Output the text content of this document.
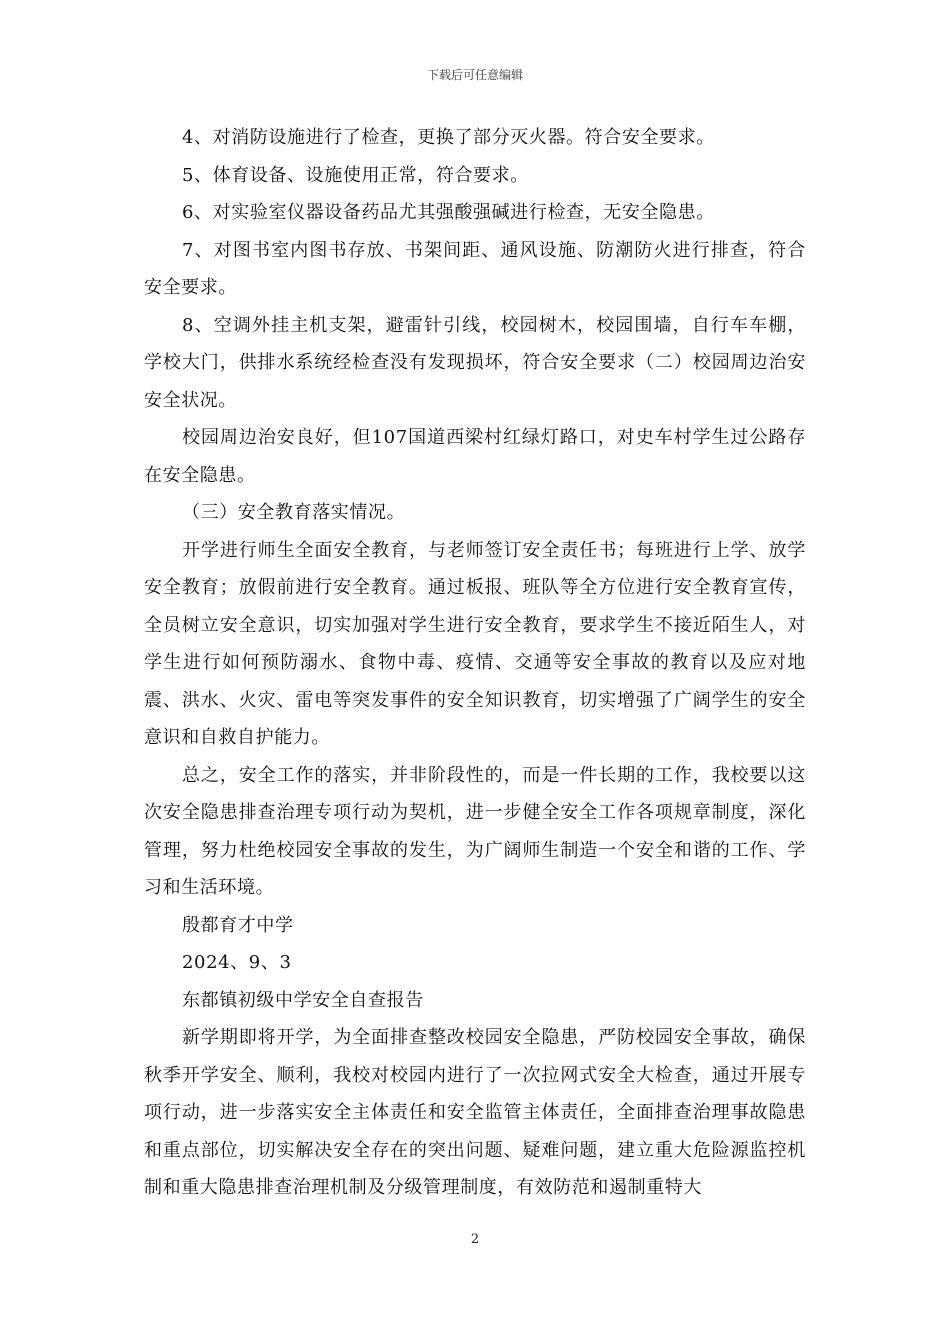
下载后可任意编辑

4、对消防设施进行了检查，更换了部分灭火器。符合安全要求。

5、体育设备、设施使用正常，符合要求。

6、对实验室仪器设备药品尤其强酸强碱进行检查，无安全隐患。

7、对图书室内图书存放、书架间距、通风设施、防潮防火进行排查，符合安全要求。

8、空调外挂主机支架，避雷针引线，校园树木，校园围墙，自行车车棚，学校大门，供排水系统经检查没有发现损坏，符合安全要求（二）校园周边治安安全状况。

校园周边治安良好，但107国道西梁村红绿灯路口，对史车村学生过公路存在安全隐患。

（三）安全教育落实情况。

开学进行师生全面安全教育，与老师签订安全责任书；每班进行上学、放学安全教育；放假前进行安全教育。通过板报、班队等全方位进行安全教育宣传，全员树立安全意识，切实加强对学生进行安全教育，要求学生不接近陌生人，对学生进行如何预防溺水、食物中毒、疫情、交通等安全事故的教育以及应对地震、洪水、火灾、雷电等突发事件的安全知识教育，切实增强了广阔学生的安全意识和自救自护能力。

总之，安全工作的落实，并非阶段性的，而是一件长期的工作，我校要以这次安全隐患排查治理专项行动为契机，进一步健全安全工作各项规章制度，深化管理，努力杜绝校园安全事故的发生，为广阔师生制造一个安全和谐的工作、学习和生活环境。

殷都育才中学

2024、9、3

东都镇初级中学安全自查报告

新学期即将开学，为全面排查整改校园安全隐患，严防校园安全事故，确保秋季开学安全、顺利，我校对校园内进行了一次拉网式安全大检查，通过开展专项行动，进一步落实安全主体责任和安全监管主体责任，全面排查治理事故隐患和重点部位，切实解决安全存在的突出问题、疑难问题，建立重大危险源监控机制和重大隐患排查治理机制及分级管理制度，有效防范和遏制重特大

2
